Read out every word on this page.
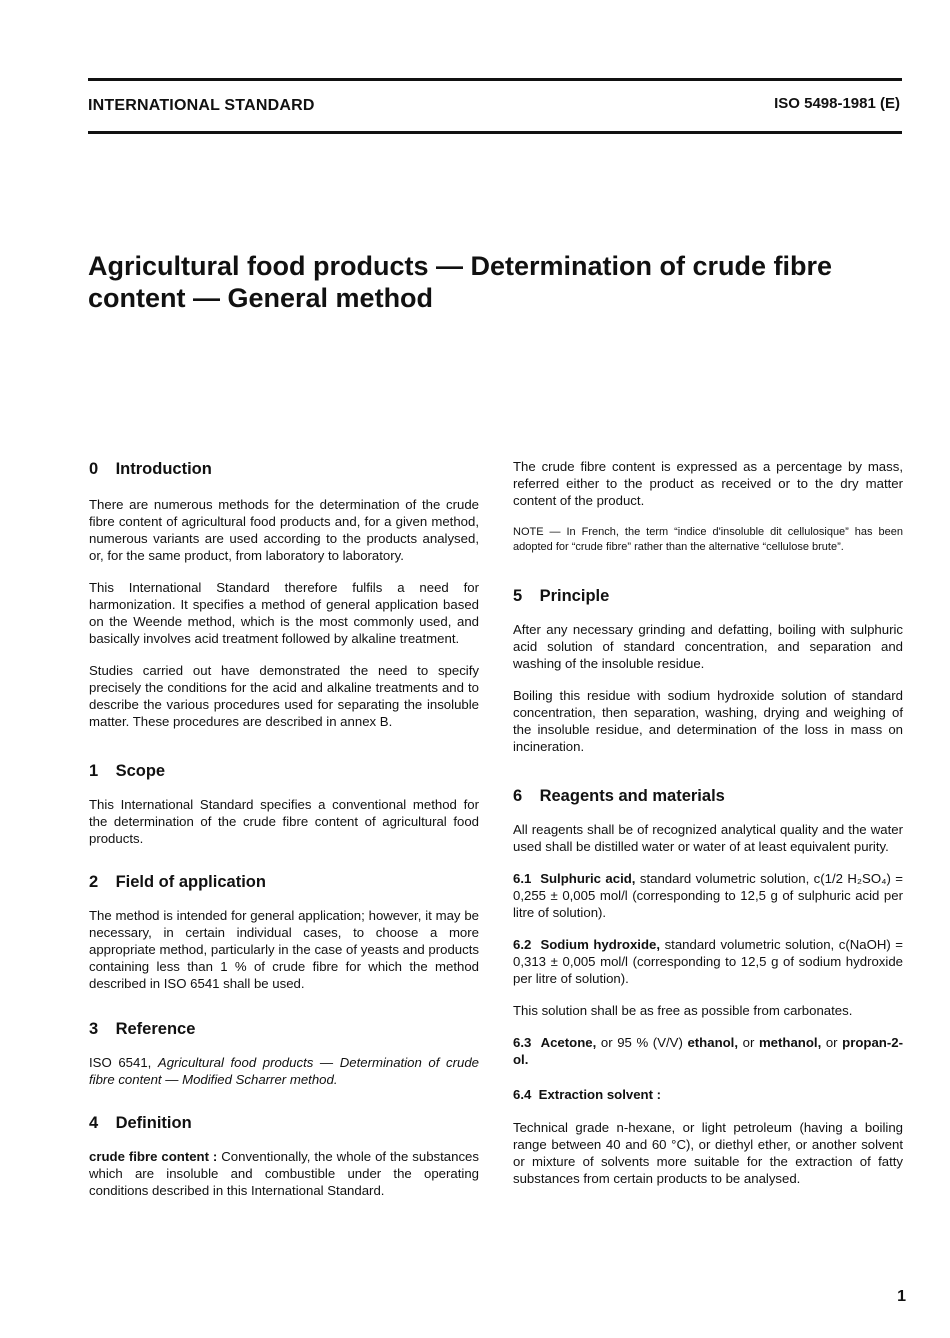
INTERNATIONAL STANDARD	ISO 5498-1981 (E)
Agricultural food products — Determination of crude fibre
content — General method
0 Introduction

There are numerous methods for the determination of the crude fibre content of agricultural food products and, for a given method, numerous variants are used according to the products analysed, or, for the same product, from laboratory to laboratory.

This International Standard therefore fulfils a need for harmonization. It specifies a method of general application based on the Weende method, which is the most commonly used, and basically involves acid treatment followed by alkaline treatment.

Studies carried out have demonstrated the need to specify precisely the conditions for the acid and alkaline treatments and to describe the various procedures used for separating the insoluble matter. These procedures are described in annex B.

1 Scope

This International Standard specifies a conventional method for the determination of the crude fibre content of agricultural food products.

2 Field of application

The method is intended for general application; however, it may be necessary, in certain individual cases, to choose a more appropriate method, particularly in the case of yeasts and products containing less than 1 % of crude fibre for which the method described in ISO 6541 shall be used.

3 Reference

ISO 6541, Agricultural food products — Determination of crude fibre content — Modified Scharrer method.

4 Definition

crude fibre content : Conventionally, the whole of the substances which are insoluble and combustible under the operating conditions described in this International Standard.

The crude fibre content is expressed as a percentage by mass, referred either to the product as received or to the dry matter content of the product.

NOTE — In French, the term “indice d'insoluble dit cellulosique” has been adopted for “crude fibre” rather than the alternative “cellulose brute”.

5 Principle

After any necessary grinding and defatting, boiling with sulphuric acid solution of standard concentration, and separation and washing of the insoluble residue.

Boiling this residue with sodium hydroxide solution of standard concentration, then separation, washing, drying and weighing of the insoluble residue, and determination of the loss in mass on incineration.

6 Reagents and materials

All reagents shall be of recognized analytical quality and the water used shall be distilled water or water of at least equivalent purity.

6.1 Sulphuric acid, standard volumetric solution, c(1/2 H₂SO₄) = 0,255 ± 0,005 mol/l (corresponding to 12,5 g of sulphuric acid per litre of solution).

6.2 Sodium hydroxide, standard volumetric solution, c(NaOH) = 0,313 ± 0,005 mol/l (corresponding to 12,5 g of sodium hydroxide per litre of solution).

This solution shall be as free as possible from carbonates.

6.3 Acetone, or 95 % (V/V) ethanol, or methanol, or propan-2-ol.

6.4 Extraction solvent :

Technical grade n-hexane, or light petroleum (having a boiling range between 40 and 60 °C), or diethyl ether, or another solvent or mixture of solvents more suitable for the extraction of fatty substances from certain products to be analysed.

1
